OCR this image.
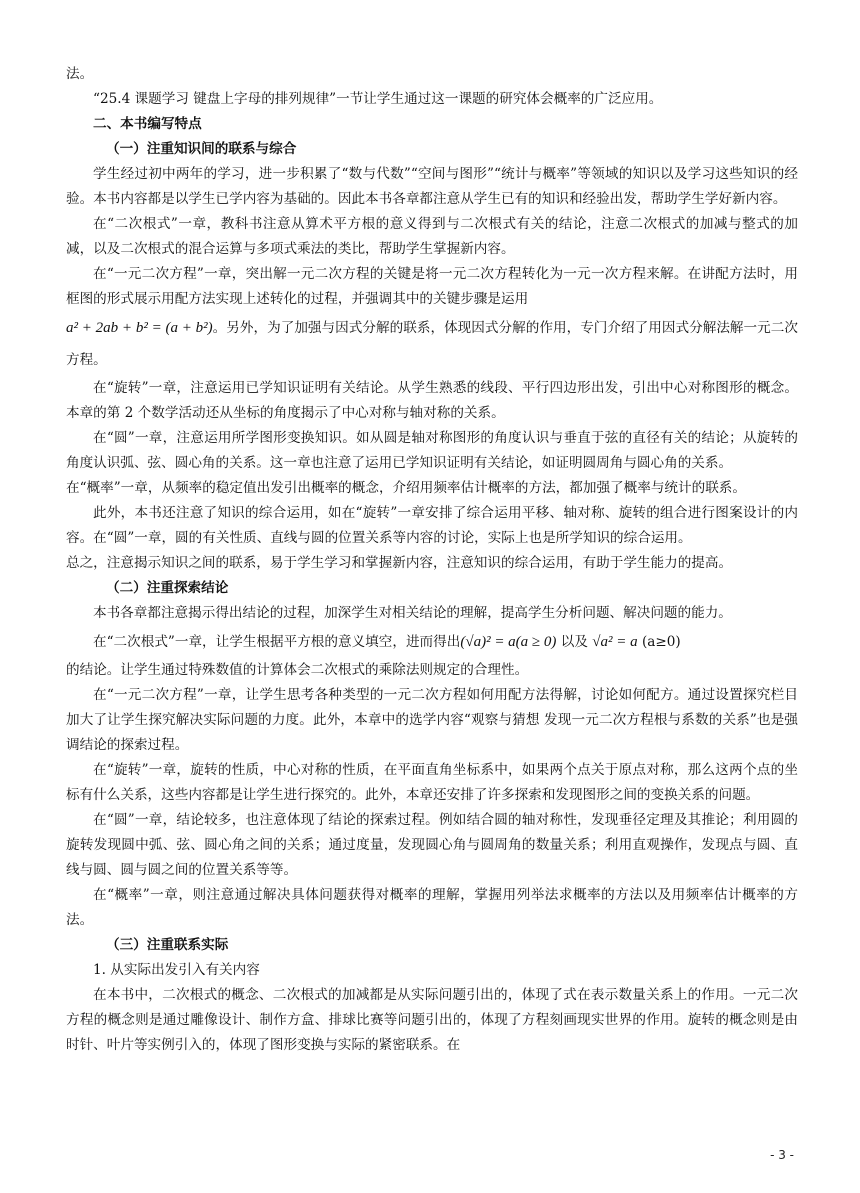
法。

“25.4 课题学习 键盘上字母的排列规律”一节让学生通过这一课题的研究体会概率的广泛应用。

二、本书编写特点

（一）注重知识间的联系与综合

学生经过初中两年的学习，进一步积累了“数与代数”“空间与图形”“统计与概率”等领域的知识以及学习这些知识的经验。本书内容都是以学生已学内容为基础的。因此本书各章都注意从学生已有的知识和经验出发，帮助学生学好新内容。

在“二次根式”一章，教科书注意从算术平方根的意义得到与二次根式有关的结论，注意二次根式的加减与整式的加减，以及二次根式的混合运算与多项式乘法的类比，帮助学生掌握新内容。

在“一元二次方程”一章，突出解一元二次方程的关键是将一元二次方程转化为一元一次方程来解。在讲配方法时，用框图的形式展示用配方法实现上述转化的过程，并强调其中的关键步骤是运用

a² + 2ab + b² = (a + b²)。另外，为了加强与因式分解的联系，体现因式分解的作用，专门介绍了用因式分解法解一元二次方程。

在“旋转”一章，注意运用已学知识证明有关结论。从学生熟悉的线段、平行四边形出发，引出中心对称图形的概念。本章的第 2 个数学活动还从坐标的角度揭示了中心对称与轴对称的关系。

在“圆”一章，注意运用所学图形变换知识。如从圆是轴对称图形的角度认识与垂直于弦的直径有关的结论；从旋转的角度认识弧、弦、圆心角的关系。这一章也注意了运用已学知识证明有关结论，如证明圆周角与圆心角的关系。

在“概率”一章，从频率的稳定值出发引出概率的概念，介绍用频率估计概率的方法，都加强了概率与统计的联系。

此外，本书还注意了知识的综合运用，如在“旋转”一章安排了综合运用平移、轴对称、旋转的组合进行图案设计的内容。在“圆”一章，圆的有关性质、直线与圆的位置关系等内容的讨论，实际上也是所学知识的综合运用。

总之，注意揭示知识之间的联系，易于学生学习和掌握新内容，注意知识的综合运用，有助于学生能力的提高。

（二）注重探索结论

本书各章都注意揭示得出结论的过程，加深学生对相关结论的理解，提高学生分析问题、解决问题的能力。

在“二次根式”一章，让学生根据平方根的意义填空，进而得出(√a)² = a(a ≥ 0) 以及 √a² = a (a≥0)

的结论。让学生通过特殊数值的计算体会二次根式的乘除法则规定的合理性。

在“一元二次方程”一章，让学生思考各种类型的一元二次方程如何用配方法得解，讨论如何配方。通过设置探究栏目加大了让学生探究解决实际问题的力度。此外，本章中的选学内容“观察与猜想 发现一元二次方程根与系数的关系”也是强调结论的探索过程。

在“旋转”一章，旋转的性质，中心对称的性质，在平面直角坐标系中，如果两个点关于原点对称，那么这两个点的坐标有什么关系，这些内容都是让学生进行探究的。此外，本章还安排了许多探索和发现图形之间的变换关系的问题。

在“圆”一章，结论较多，也注意体现了结论的探索过程。例如结合圆的轴对称性，发现垂径定理及其推论；利用圆的旋转发现圆中弧、弦、圆心角之间的关系；通过度量，发现圆心角与圆周角的数量关系；利用直观操作，发现点与圆、直线与圆、圆与圆之间的位置关系等等。

在“概率”一章，则注意通过解决具体问题获得对概率的理解，掌握用列举法求概率的方法以及用频率估计概率的方法。

（三）注重联系实际

1. 从实际出发引入有关内容

在本书中，二次根式的概念、二次根式的加减都是从实际问题引出的，体现了式在表示数量关系上的作用。一元二次方程的概念则是通过雕像设计、制作方盒、排球比赛等问题引出的，体现了方程刻画现实世界的作用。旋转的概念则是由时针、叶片等实例引入的，体现了图形变换与实际的紧密联系。在

- 3 -
